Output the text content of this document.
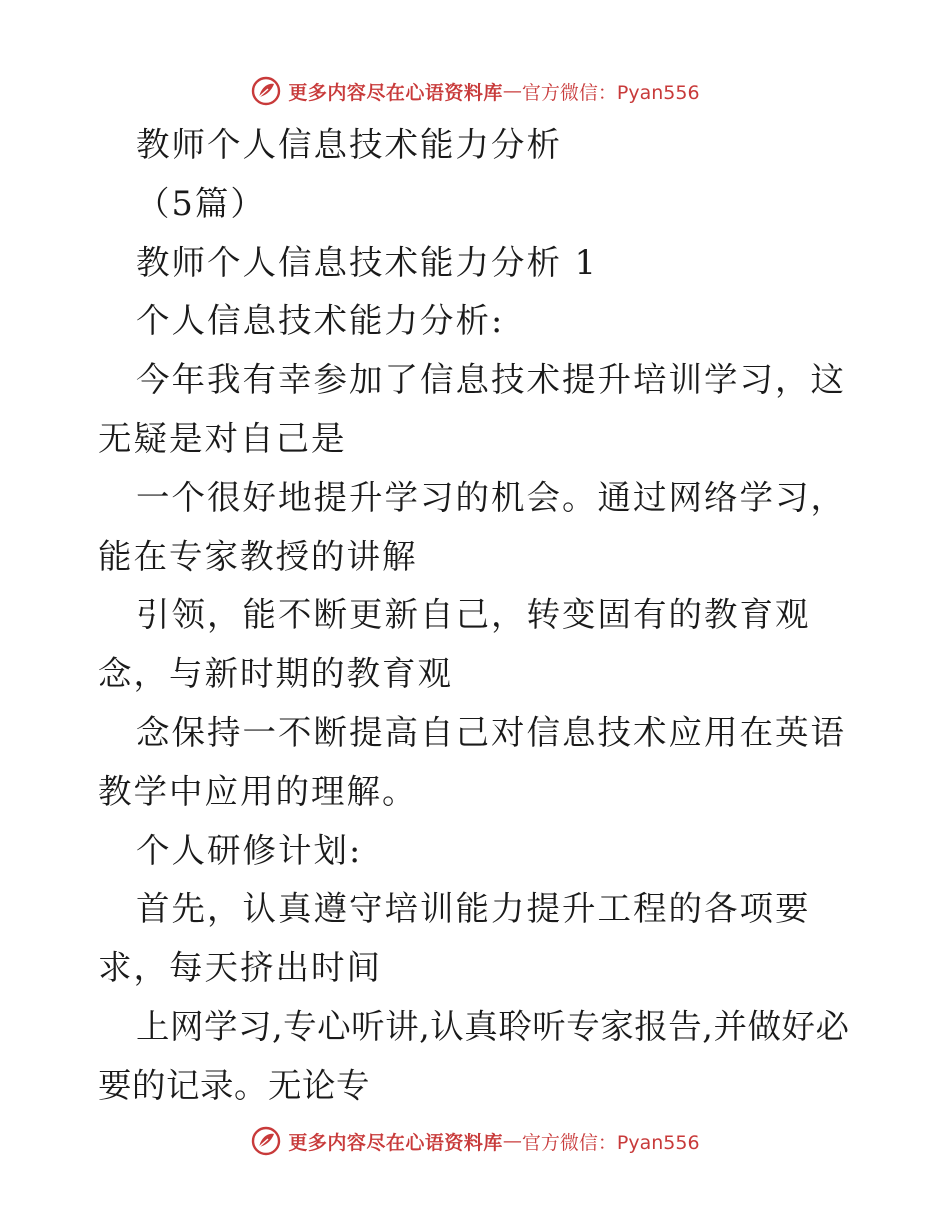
更多内容尽在心语资料库 — 官方微信：Pyan556

教师个人信息技术能力分析

（5篇）

教师个人信息技术能力分析 1

个人信息技术能力分析:

今年我有幸参加了信息技术提升培训学习，这无疑是对自己是

一个很好地提升学习的机会。通过网络学习，能在专家教授的讲解

引领，能不断更新自己，转变固有的教育观念，与新时期的教育观

念保持一不断提高自己对信息技术应用在英语教学中应用的理解。

个人研修计划:

首先，认真遵守培训能力提升工程的各项要求，每天挤出时间

上网学习,专心听讲,认真聆听专家报告,并做好必要的记录。无论专

更多内容尽在心语资料库 — 官方微信：Pyan556
